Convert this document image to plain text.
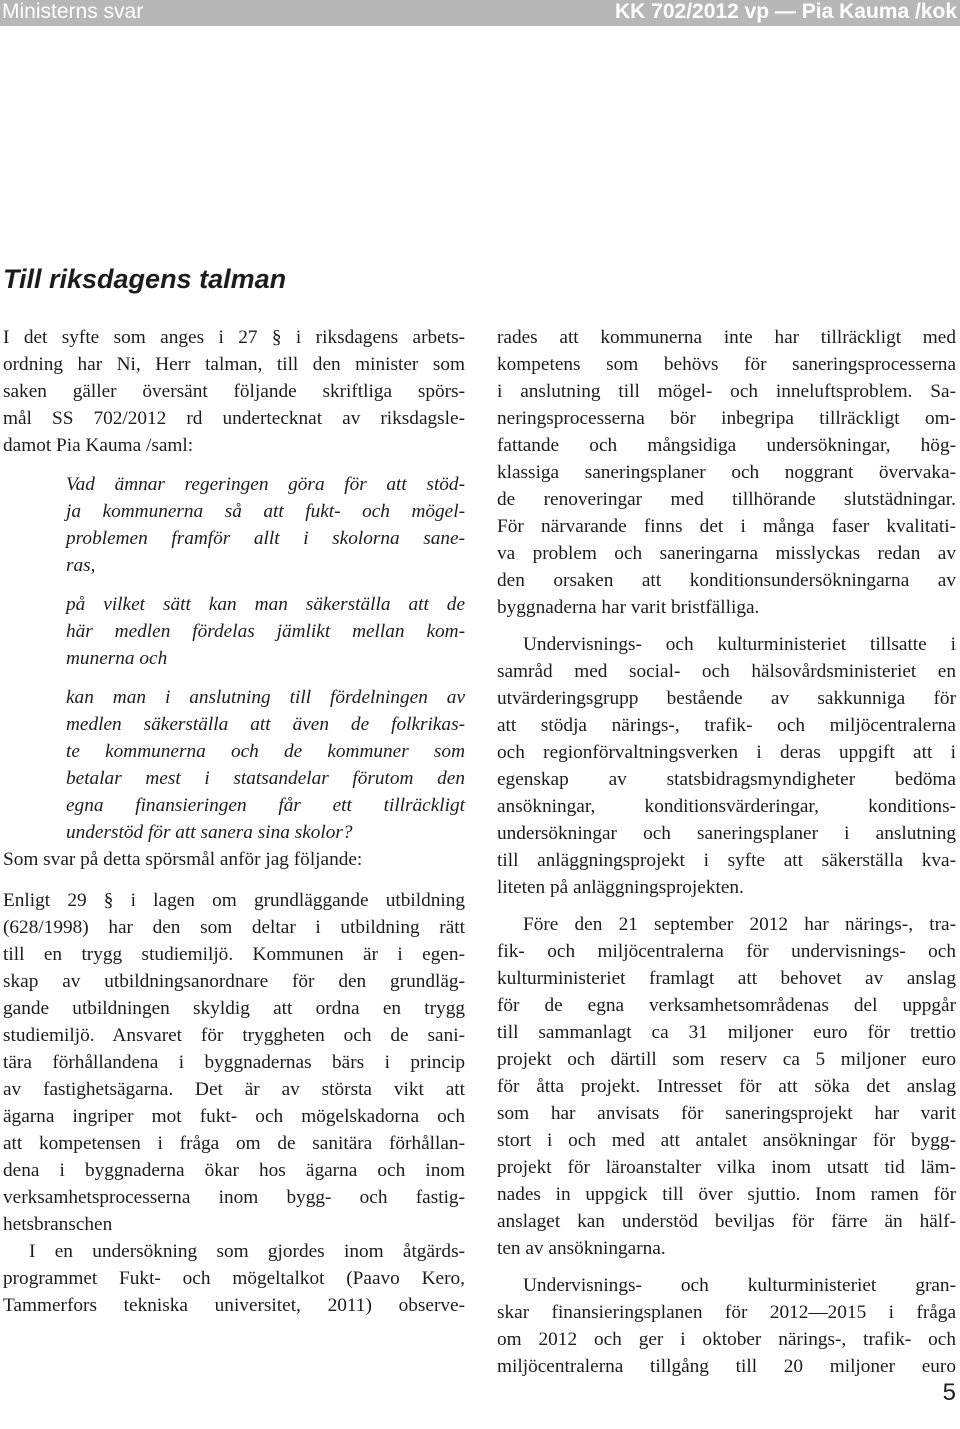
Ministerns svar	KK 702/2012 vp — Pia Kauma /kok
Till riksdagens talman
I det syfte som anges i 27 § i riksdagens arbets-
ordning har Ni, Herr talman, till den minister som
saken gäller översänt följande skriftliga spörs-
mål SS 702/2012 rd undertecknat av riksdagsle-
damot Pia Kauma /saml:
Vad ämnar regeringen göra för att stöd-
ja kommunerna så att fukt- och mögel-
problemen framför allt i skolorna sane-
ras,
på vilket sätt kan man säkerställa att de
här medlen fördelas jämlikt mellan kom-
munerna och
kan man i anslutning till fördelningen av
medlen säkerställa att även de folkrikas-
te kommunerna och de kommuner som
betalar mest i statsandelar förutom den
egna finansieringen får ett tillräckligt
understöd för att sanera sina skolor?
Som svar på detta spörsmål anför jag följande:
Enligt 29 § i lagen om grundläggande utbildning
(628/1998) har den som deltar i utbildning rätt
till en trygg studiemiljö. Kommunen är i egen-
skap av utbildningsanordnare för den grundläg-
gande utbildningen skyldig att ordna en trygg
studiemiljö. Ansvaret för tryggheten och de sani-
tära förhållandena i byggnadernas bärs i princip
av fastighetsägarna. Det är av största vikt att
ägarna ingriper mot fukt- och mögelskadorna och
att kompetensen i fråga om de sanitära förhållan-
dena i byggnaderna ökar hos ägarna och inom
verksamhetsprocesserna inom bygg- och fastig-
hetsbranschen
I en undersökning som gjordes inom åtgärds-
programmet Fukt- och mögeltalkot (Paavo Kero,
Tammerfors tekniska universitet, 2011) observe-
rades att kommunerna inte har tillräckligt med
kompetens som behövs för saneringsprocesserna
i anslutning till mögel- och inneluftsproblem. Sa-
neringsprocesserna bör inbegripa tillräckligt om-
fattande och mångsidiga undersökningar, hög-
klassiga saneringsplaner och noggrant övervaka-
de renoveringar med tillhörande slutstädningar.
För närvarande finns det i många faser kvalitati-
va problem och saneringarna misslyckas redan av
den orsaken att konditionsundersökningarna av
byggnaderna har varit bristfälliga.
Undervisnings- och kulturministeriet tillsatte i
samråd med social- och hälsovårdsministeriet en
utvärderingsgrupp bestående av sakkunniga för
att stödja närings-, trafik- och miljöcentralerna
och regionförvaltningsverken i deras uppgift att i
egenskap av statsbidragsmyndigheter bedöma
ansökningar, konditionsvärderingar, konditions-
undersökningar och saneringsplaner i anslutning
till anläggningsprojekt i syfte att säkerställa kva-
liteten på anläggningsprojekten.
Före den 21 september 2012 har närings-, tra-
fik- och miljöcentralerna för undervisnings- och
kulturministeriet framlagt att behovet av anslag
för de egna verksamhetsområdenas del uppgår
till sammanlagt ca 31 miljoner euro för trettio
projekt och därtill som reserv ca 5 miljoner euro
för åtta projekt. Intresset för att söka det anslag
som har anvisats för saneringsprojekt har varit
stort i och med att antalet ansökningar för bygg-
projekt för läroanstalter vilka inom utsatt tid läm-
nades in uppgick till över sjuttio. Inom ramen för
anslaget kan understöd beviljas för färre än hälf-
ten av ansökningarna.
Undervisnings- och kulturministeriet gran-
skar finansieringsplanen för 2012—2015 i fråga
om 2012 och ger i oktober närings-, trafik- och
miljöcentralerna tillgång till 20 miljoner euro
5
